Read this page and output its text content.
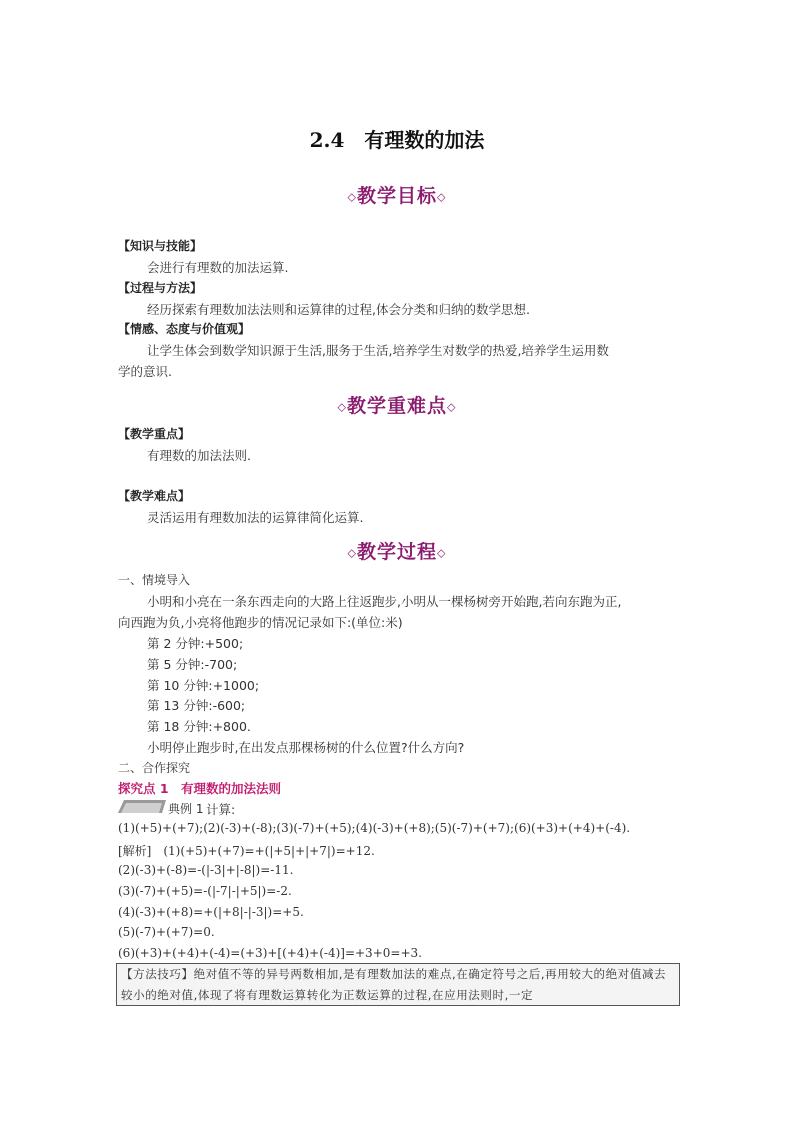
2.4　有理数的加法
◇教学目标◇
【知识与技能】
会进行有理数的加法运算.
【过程与方法】
经历探索有理数加法法则和运算律的过程,体会分类和归纳的数学思想.
【情感、态度与价值观】
让学生体会到数学知识源于生活,服务于生活,培养学生对数学的热爱,培养学生运用数
学的意识.
◇教学重难点◇
【教学重点】
有理数的加法法则.
【教学难点】
灵活运用有理数加法的运算律简化运算.
◇教学过程◇
一、情境导入
小明和小亮在一条东西走向的大路上往返跑步,小明从一棵杨树旁开始跑,若向东跑为正,
向西跑为负,小亮将他跑步的情况记录如下:(单位:米)
第 2 分钟:+500;
第 5 分钟:-700;
第 10 分钟:+1000;
第 13 分钟:-600;
第 18 分钟:+800.
小明停止跑步时,在出发点那棵杨树的什么位置?什么方向?
二、合作探究
探究点 1　有理数的加法法则
典例 1 计算:
(1)(+5)+(+7);(2)(-3)+(-8);(3)(-7)+(+5);(4)(-3)+(+8);(5)(-7)+(+7);(6)(+3)+(+4)+(-4).
[解析]　(1)(+5)+(+7)=+(|+5|+|+7|)=+12.
(2)(-3)+(-8)=-(|-3|+|-8|)=-11.
(3)(-7)+(+5)=-(|-7|-|+5|)=-2.
(4)(-3)+(+8)=+(|+8|-|-3|)=+5.
(5)(-7)+(+7)=0.
(6)(+3)+(+4)+(-4)=(+3)+[(+4)+(-4)]=+3+0=+3.
【方法技巧】绝对值不等的异号两数相加,是有理数加法的难点,在确定符号之后,再用较大的绝对值减去较小的绝对值,体现了将有理数运算转化为正数运算的过程,在应用法则时,一定
